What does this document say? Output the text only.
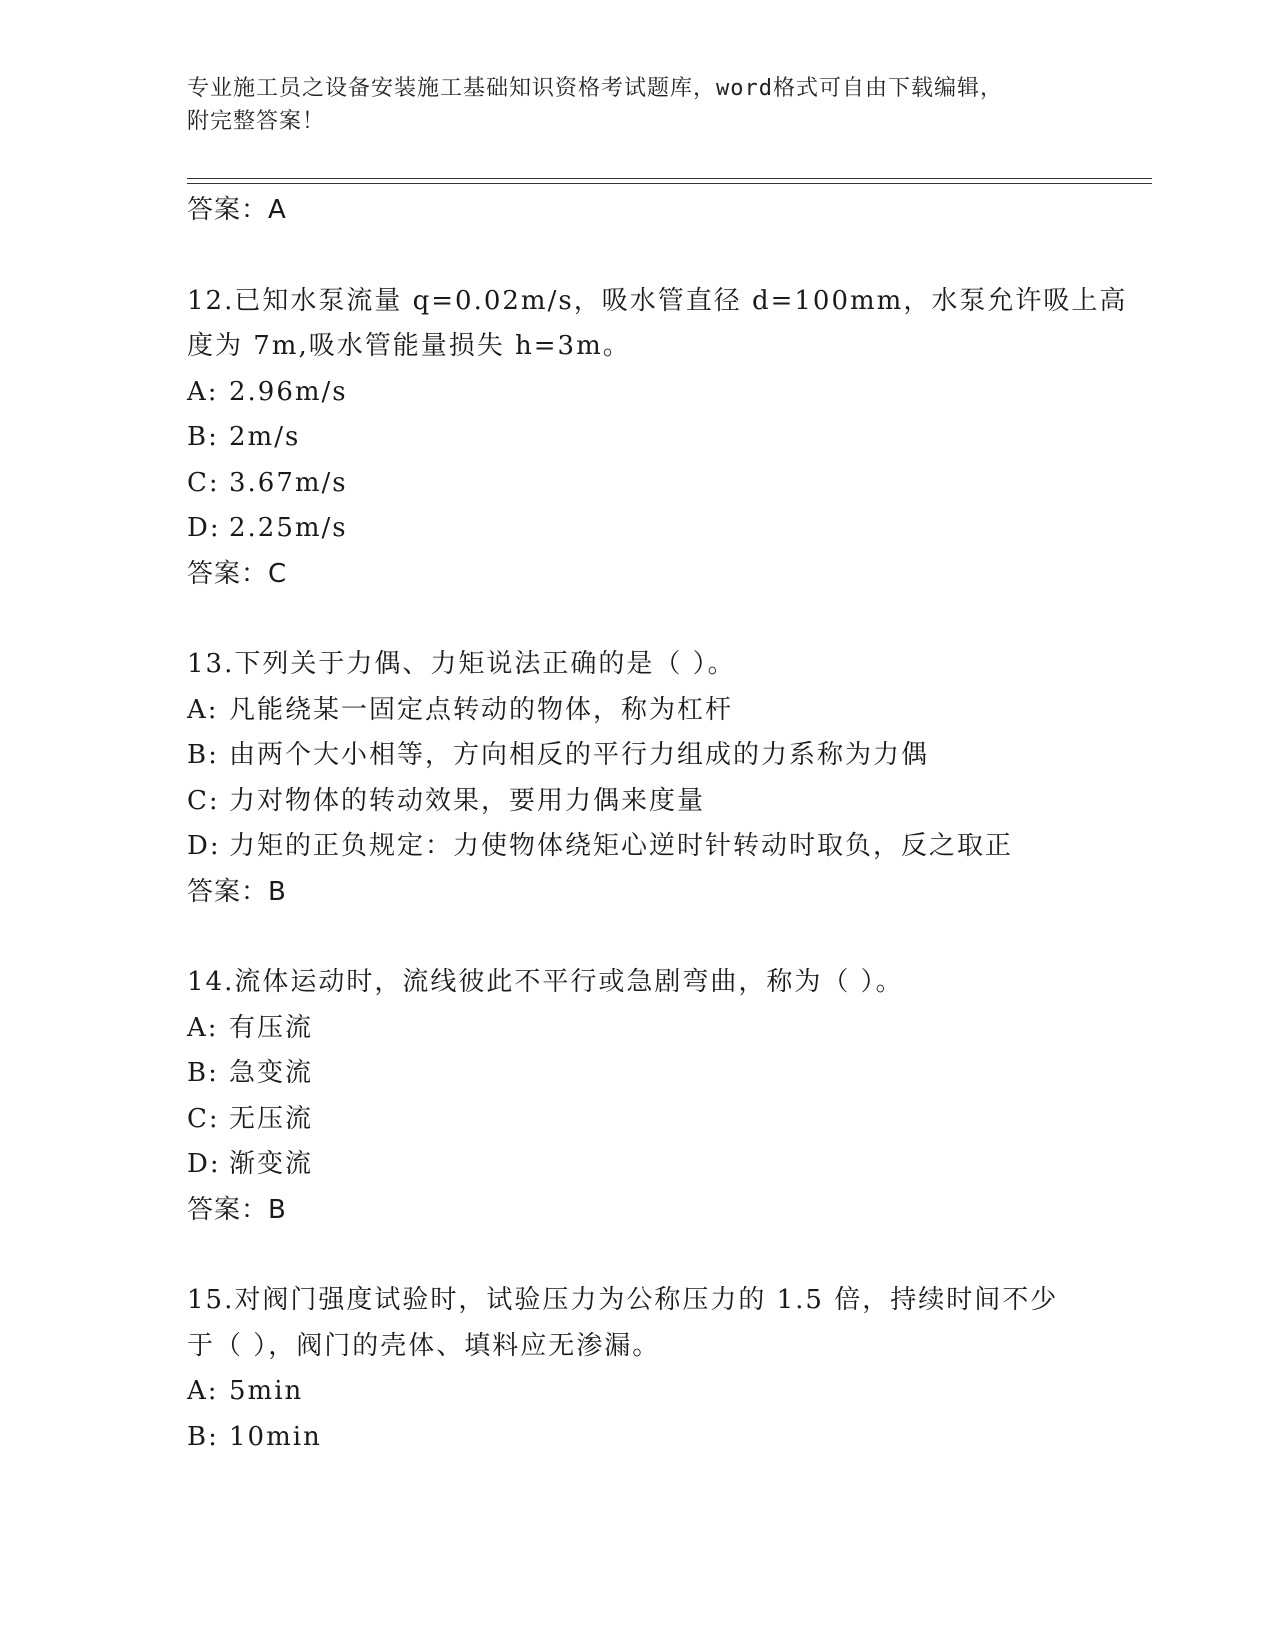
专业施工员之设备安装施工基础知识资格考试题库，word格式可自由下载编辑，
附完整答案！
答案：A
12.已知水泵流量 q=0.02m/s，吸水管直径 d=100mm，水泵允许吸上高
度为 7m,吸水管能量损失 h=3m。
A: 2.96m/s
B: 2m/s
C: 3.67m/s
D: 2.25m/s
答案：C
13.下列关于力偶、力矩说法正确的是（ ）。
A: 凡能绕某一固定点转动的物体，称为杠杆
B: 由两个大小相等，方向相反的平行力组成的力系称为力偶
C: 力对物体的转动效果，要用力偶来度量
D: 力矩的正负规定：力使物体绕矩心逆时针转动时取负，反之取正
答案：B
14.流体运动时，流线彼此不平行或急剧弯曲，称为（ ）。
A: 有压流
B: 急变流
C: 无压流
D: 渐变流
答案：B
15.对阀门强度试验时，试验压力为公称压力的 1.5 倍，持续时间不少
于（ ），阀门的壳体、填料应无渗漏。
A: 5min
B: 10min
